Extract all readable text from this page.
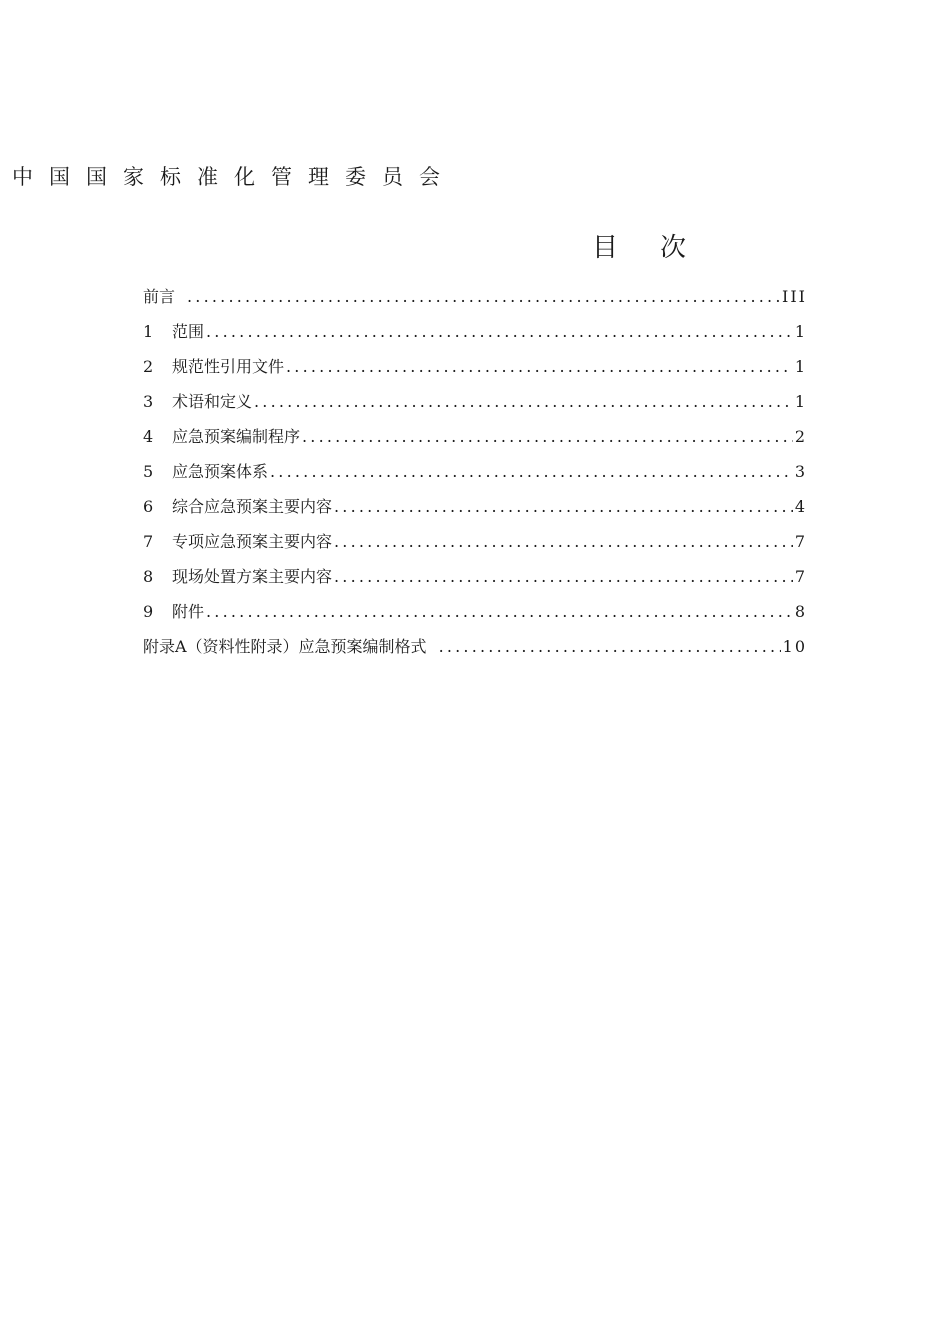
中国国家标准化管理委员会
目次
前言 .....	III
1	范围 .....	1
2	规范性引用文件 .....	1
3	术语和定义 .....	1
4	应急预案编制程序 .....	2
5	应急预案体系 .....	3
6	综合应急预案主要内容 .....	4
7	专项应急预案主要内容 .....	7
8	现场处置方案主要内容 .....	7
9	附件 .....	8
附录A（资料性附录）应急预案编制格式 .....	10
